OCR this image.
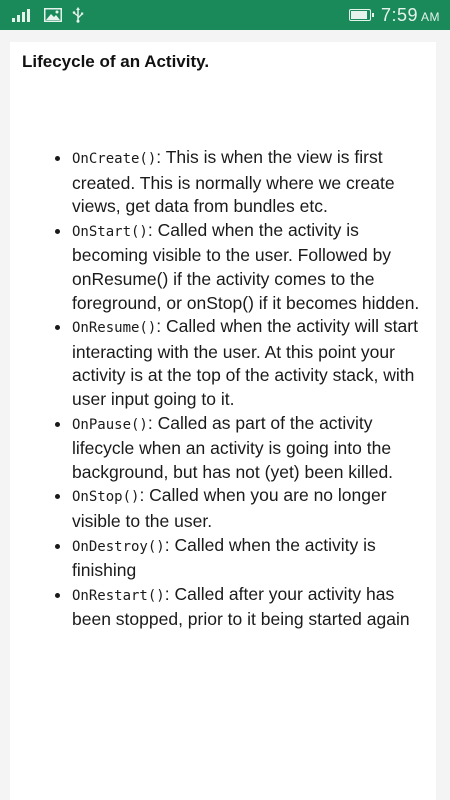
7:59 AM
Lifecycle of an Activity.
• OnCreate(): This is when the view is first created. This is normally where we create views, get data from bundles etc.
• OnStart(): Called when the activity is becoming visible to the user. Followed by onResume() if the activity comes to the foreground, or onStop() if it becomes hidden.
• OnResume(): Called when the activity will start interacting with the user. At this point your activity is at the top of the activity stack, with user input going to it.
• OnPause(): Called as part of the activity lifecycle when an activity is going into the background, but has not (yet) been killed.
• OnStop(): Called when you are no longer visible to the user.
• OnDestroy(): Called when the activity is finishing
• OnRestart(): Called after your activity has been stopped, prior to it being started again
